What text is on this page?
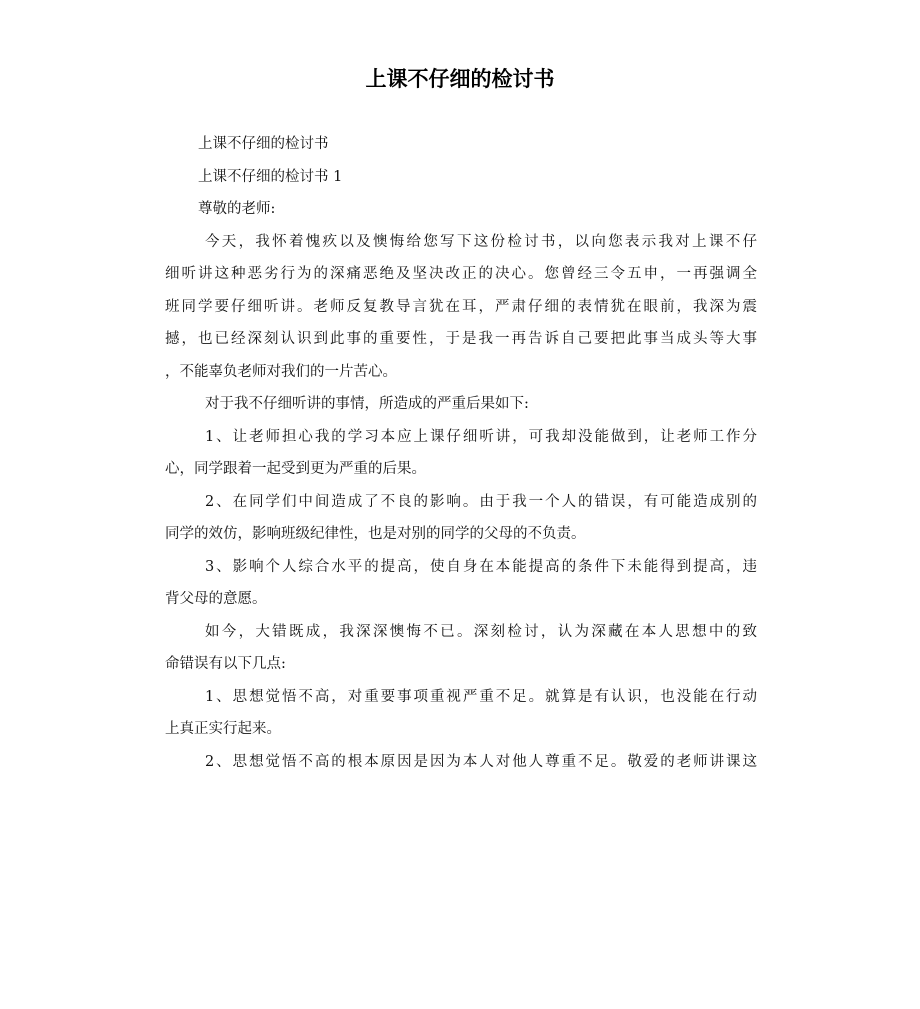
上课不仔细的检讨书
上课不仔细的检讨书
上课不仔细的检讨书 1
尊敬的老师:
今天，我怀着愧疚以及懊悔给您写下这份检讨书，以向您表示我对上课不仔
细听讲这种恶劣行为的深痛恶绝及坚决改正的决心。您曾经三令五申，一再强调全
班同学要仔细听讲。老师反复教导言犹在耳，严肃仔细的表情犹在眼前，我深为震
撼，也已经深刻认识到此事的重要性，于是我一再告诉自己要把此事当成头等大事
，不能辜负老师对我们的一片苦心。
对于我不仔细听讲的事情，所造成的严重后果如下:
1、让老师担心我的学习本应上课仔细听讲，可我却没能做到，让老师工作分
心，同学跟着一起受到更为严重的后果。
2、在同学们中间造成了不良的影响。由于我一个人的错误，有可能造成别的
同学的效仿，影响班级纪律性，也是对别的同学的父母的不负责。
3、影响个人综合水平的提高，使自身在本能提高的条件下未能得到提高，违
背父母的意愿。
如今，大错既成，我深深懊悔不已。深刻检讨，认为深藏在本人思想中的致
命错误有以下几点:
1、思想觉悟不高，对重要事项重视严重不足。就算是有认识，也没能在行动
上真正实行起来。
2、思想觉悟不高的根本原因是因为本人对他人尊重不足。敬爱的老师讲课这
